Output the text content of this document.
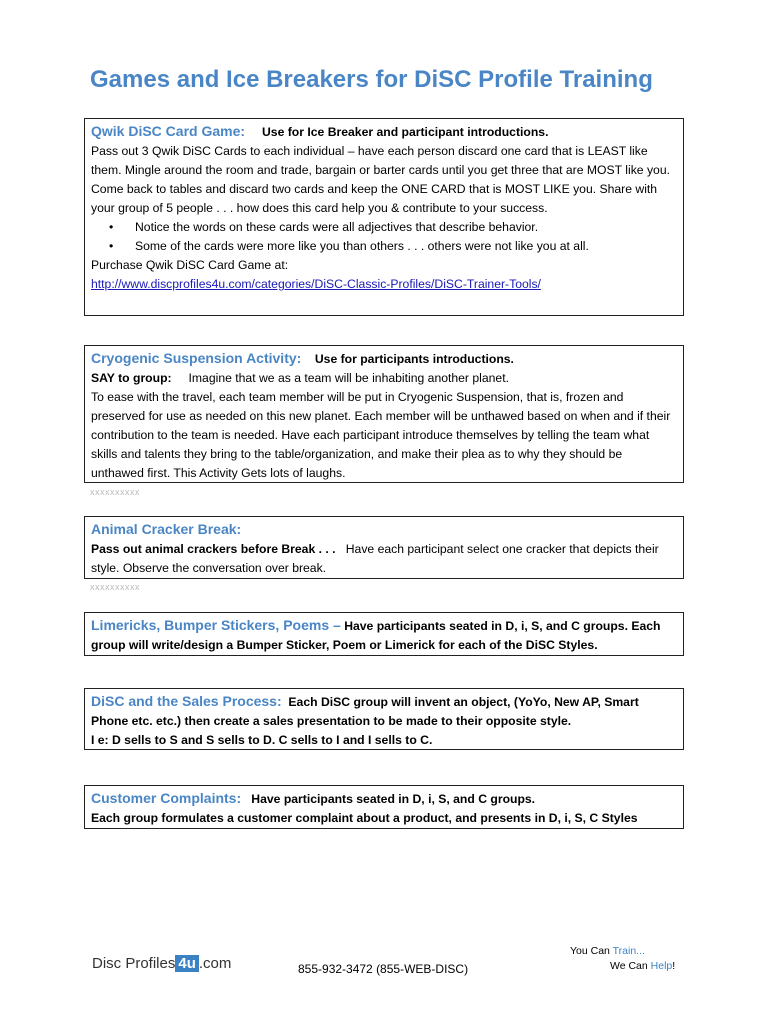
Games and Ice Breakers for DiSC Profile Training
Qwik DiSC Card Game: Use for Ice Breaker and participant introductions.
Pass out 3 Qwik DiSC Cards to each individual – have each person discard one card that is LEAST like them. Mingle around the room and trade, bargain or barter cards until you get three that are MOST like you. Come back to tables and discard two cards and keep the ONE CARD that is MOST LIKE you. Share with your group of 5 people . . . how does this card help you & contribute to your success.
• Notice the words on these cards were all adjectives that describe behavior.
• Some of the cards were more like you than others . . . others were not like you at all.
Purchase Qwik DiSC Card Game at:
http://www.discprofiles4u.com/categories/DiSC-Classic-Profiles/DiSC-Trainer-Tools/
Cryogenic Suspension Activity: Use for participants introductions.
SAY to group: Imagine that we as a team will be inhabiting another planet.
To ease with the travel, each team member will be put in Cryogenic Suspension, that is, frozen and preserved for use as needed on this new planet. Each member will be unthawed based on when and if their contribution to the team is needed. Have each participant introduce themselves by telling the team what skills and talents they bring to the table/organization, and make their plea as to why they should be unthawed first. This Activity Gets lots of laughs.
xxxxxxxxxx
Animal Cracker Break:
Pass out animal crackers before Break . . . Have each participant select one cracker that depicts their style. Observe the conversation over break.
xxxxxxxxxx
Limericks, Bumper Stickers, Poems – Have participants seated in D, i, S, and C groups. Each group will write/design a Bumper Sticker, Poem or Limerick for each of the DiSC Styles.
DiSC and the Sales Process: Each DiSC group will invent an object, (YoYo, New AP, Smart Phone etc. etc.) then create a sales presentation to be made to their opposite style.
I e: D sells to S and S sells to D. C sells to I and I sells to C.
Customer Complaints: Have participants seated in D, i, S, and C groups.
Each group formulates a customer complaint about a product, and presents in D, i, S, C Styles
Disc Profiles 4u .com	855-932-3472 (855-WEB-DISC)
You Can Train...
We Can Help!
